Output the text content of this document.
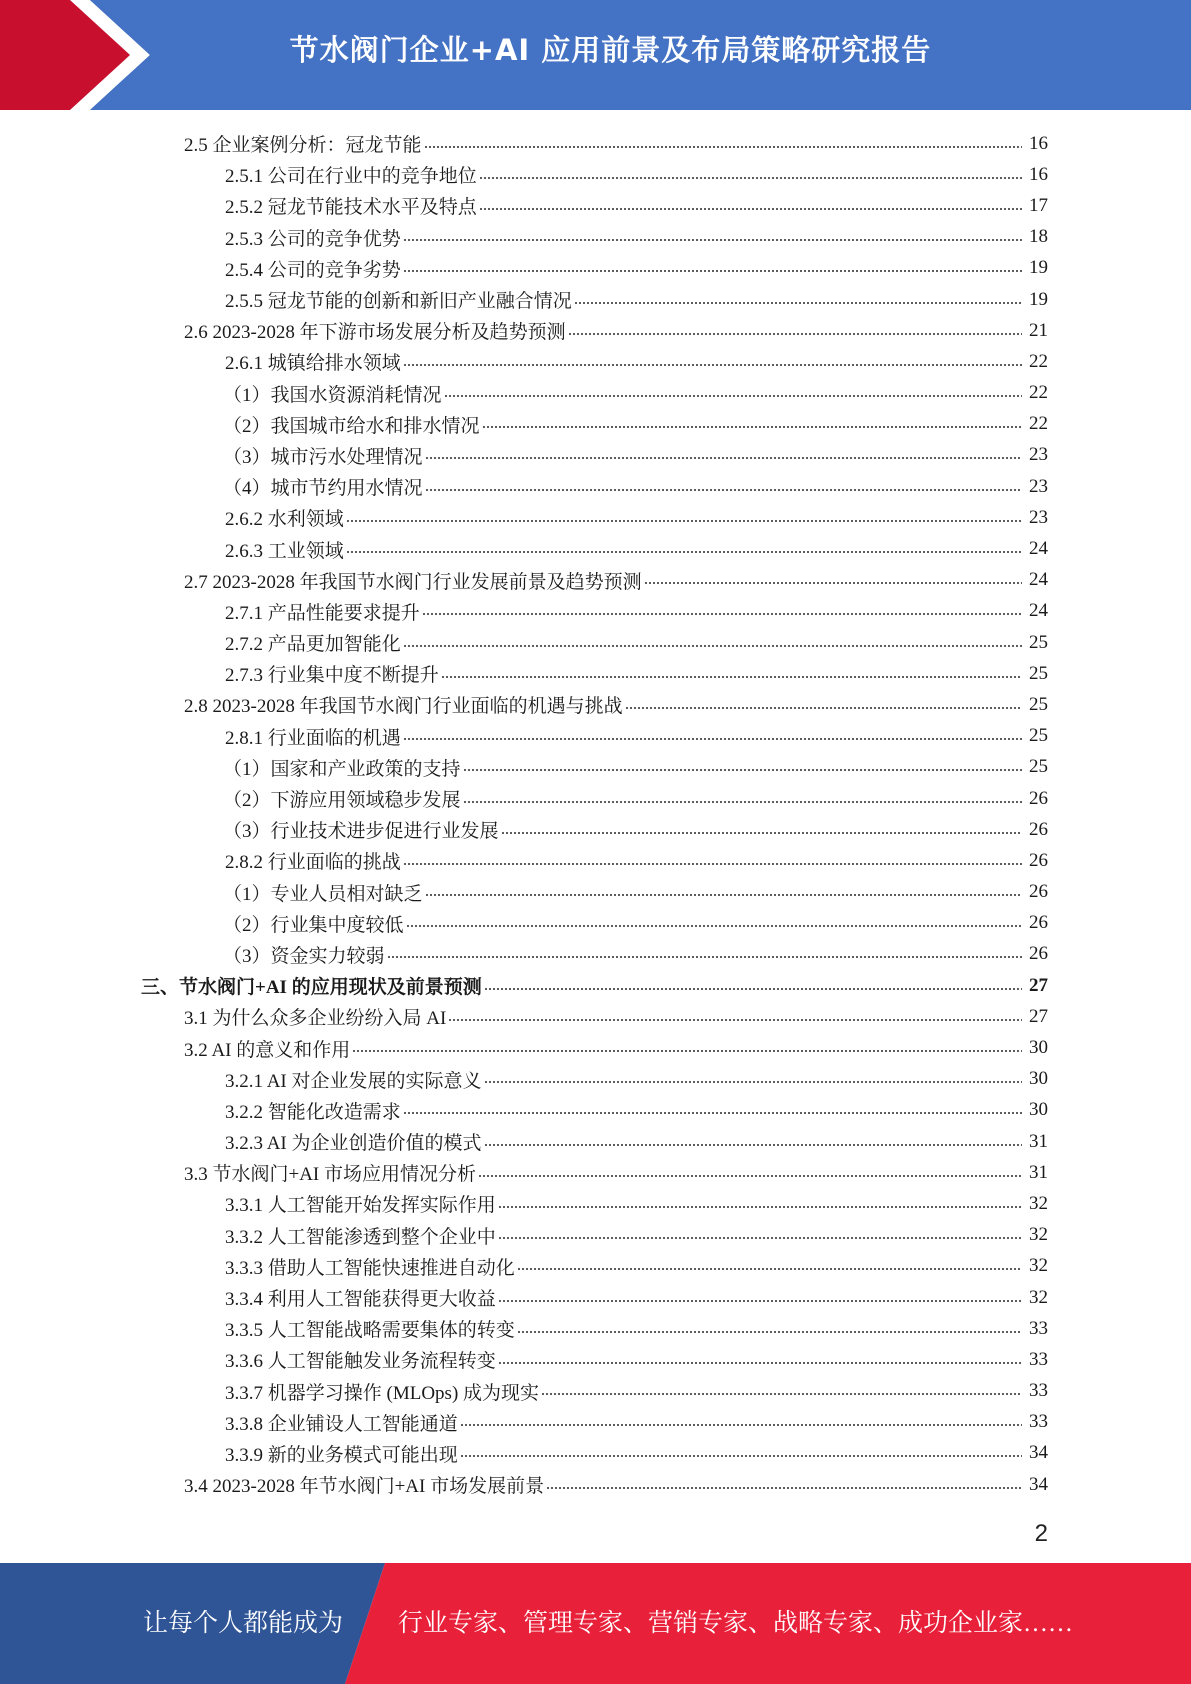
节水阀门企业+AI 应用前景及布局策略研究报告
2.5 企业案例分析：冠龙节能	16
2.5.1 公司在行业中的竞争地位	16
2.5.2 冠龙节能技术水平及特点	17
2.5.3 公司的竞争优势	18
2.5.4 公司的竞争劣势	19
2.5.5 冠龙节能的创新和新旧产业融合情况	19
2.6 2023-2028 年下游市场发展分析及趋势预测	21
2.6.1 城镇给排水领域	22
（1）我国水资源消耗情况	22
（2）我国城市给水和排水情况	22
（3）城市污水处理情况	23
（4）城市节约用水情况	23
2.6.2 水利领域	23
2.6.3 工业领域	24
2.7 2023-2028 年我国节水阀门行业发展前景及趋势预测	24
2.7.1 产品性能要求提升	24
2.7.2 产品更加智能化	25
2.7.3 行业集中度不断提升	25
2.8 2023-2028 年我国节水阀门行业面临的机遇与挑战	25
2.8.1 行业面临的机遇	25
（1）国家和产业政策的支持	25
（2）下游应用领域稳步发展	26
（3）行业技术进步促进行业发展	26
2.8.2 行业面临的挑战	26
（1）专业人员相对缺乏	26
（2）行业集中度较低	26
（3）资金实力较弱	26
三、节水阀门+AI 的应用现状及前景预测	27
3.1 为什么众多企业纷纷入局 AI	27
3.2 AI 的意义和作用	30
3.2.1 AI 对企业发展的实际意义	30
3.2.2 智能化改造需求	30
3.2.3 AI 为企业创造价值的模式	31
3.3 节水阀门+AI 市场应用情况分析	31
3.3.1 人工智能开始发挥实际作用	32
3.3.2 人工智能渗透到整个企业中	32
3.3.3 借助人工智能快速推进自动化	32
3.3.4 利用人工智能获得更大收益	32
3.3.5 人工智能战略需要集体的转变	33
3.3.6 人工智能触发业务流程转变	33
3.3.7 机器学习操作 (MLOps) 成为现实	33
3.3.8 企业铺设人工智能通道	33
3.3.9 新的业务模式可能出现	34
3.4 2023-2028 年节水阀门+AI 市场发展前景	34
2
让每个人都能成为 行业专家、管理专家、营销专家、战略专家、成功企业家……
